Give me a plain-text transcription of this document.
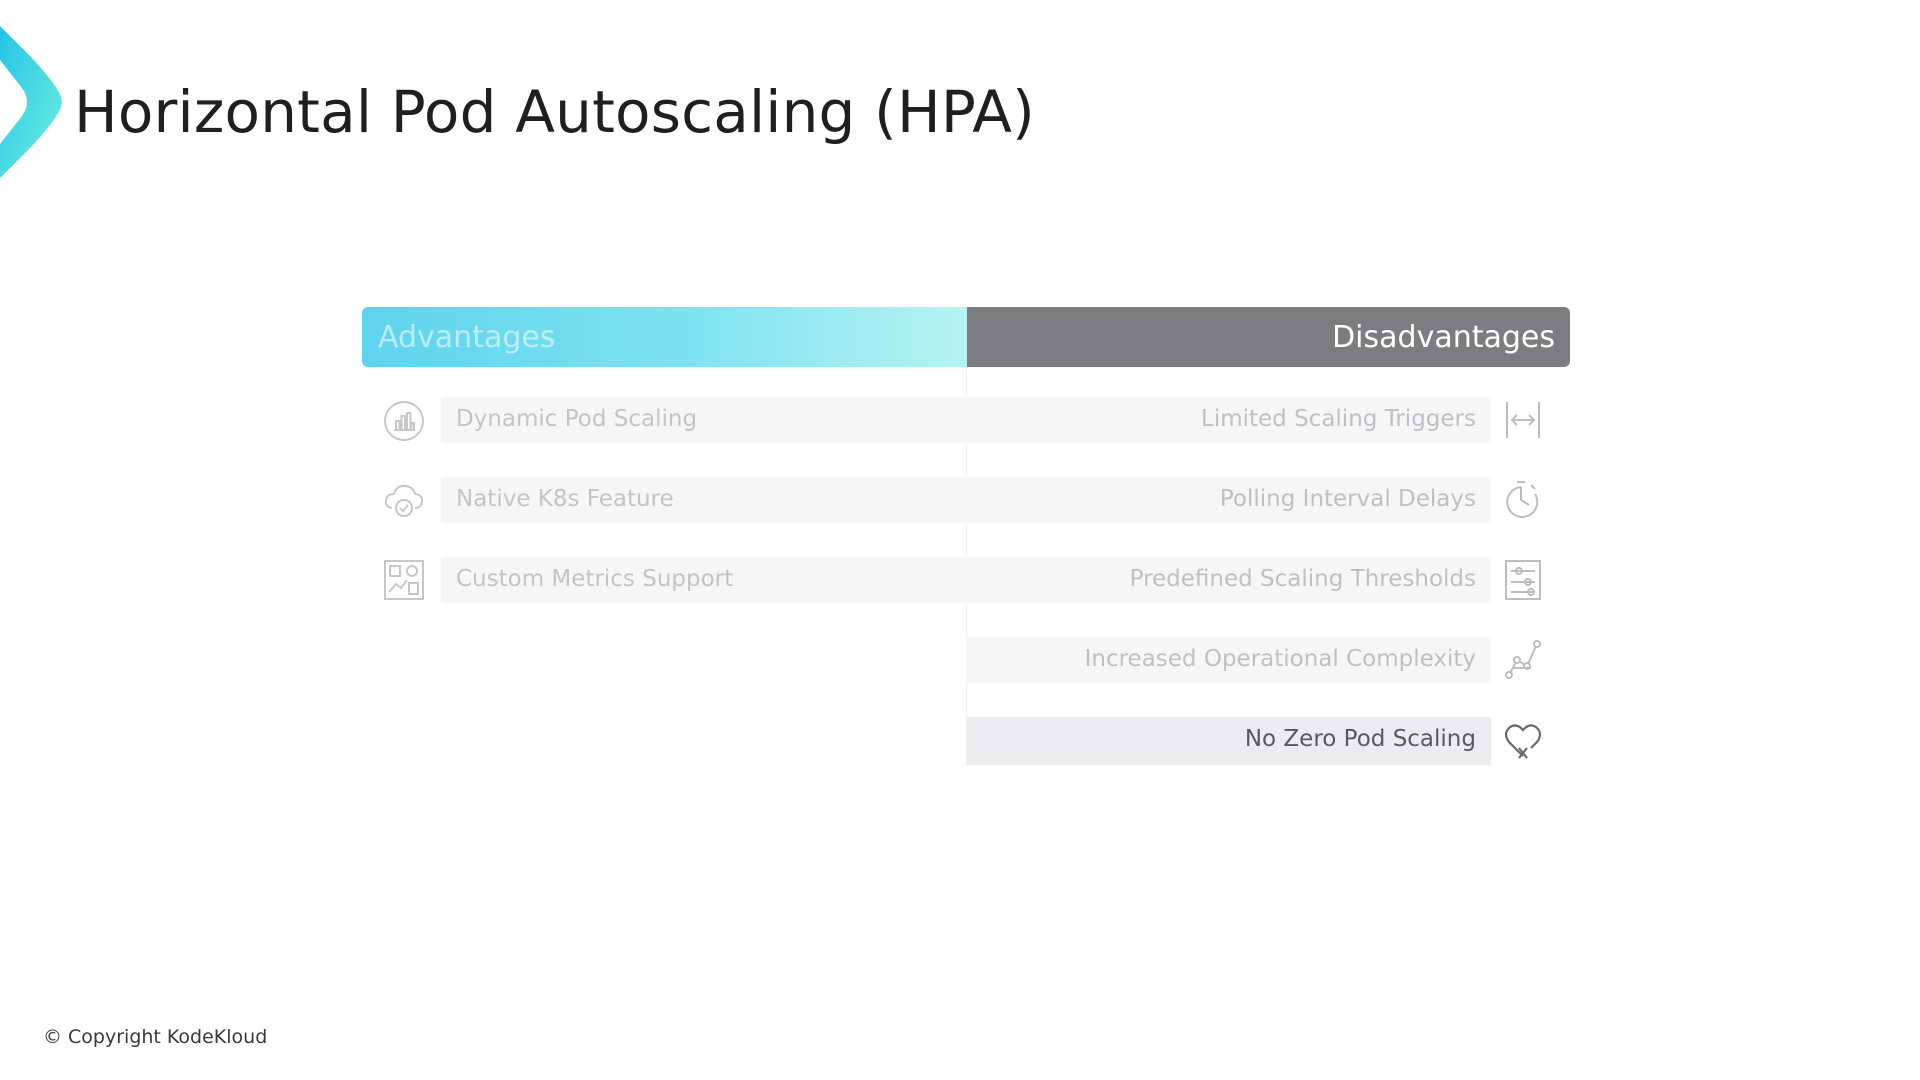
Horizontal Pod Autoscaling (HPA)
Advantages	Disadvantages
Dynamic Pod Scaling
Native K8s Feature
Custom Metrics Support
Limited Scaling Triggers
Polling Interval Delays
Predefined Scaling Thresholds
Increased Operational Complexity
No Zero Pod Scaling
© Copyright KodeKloud
